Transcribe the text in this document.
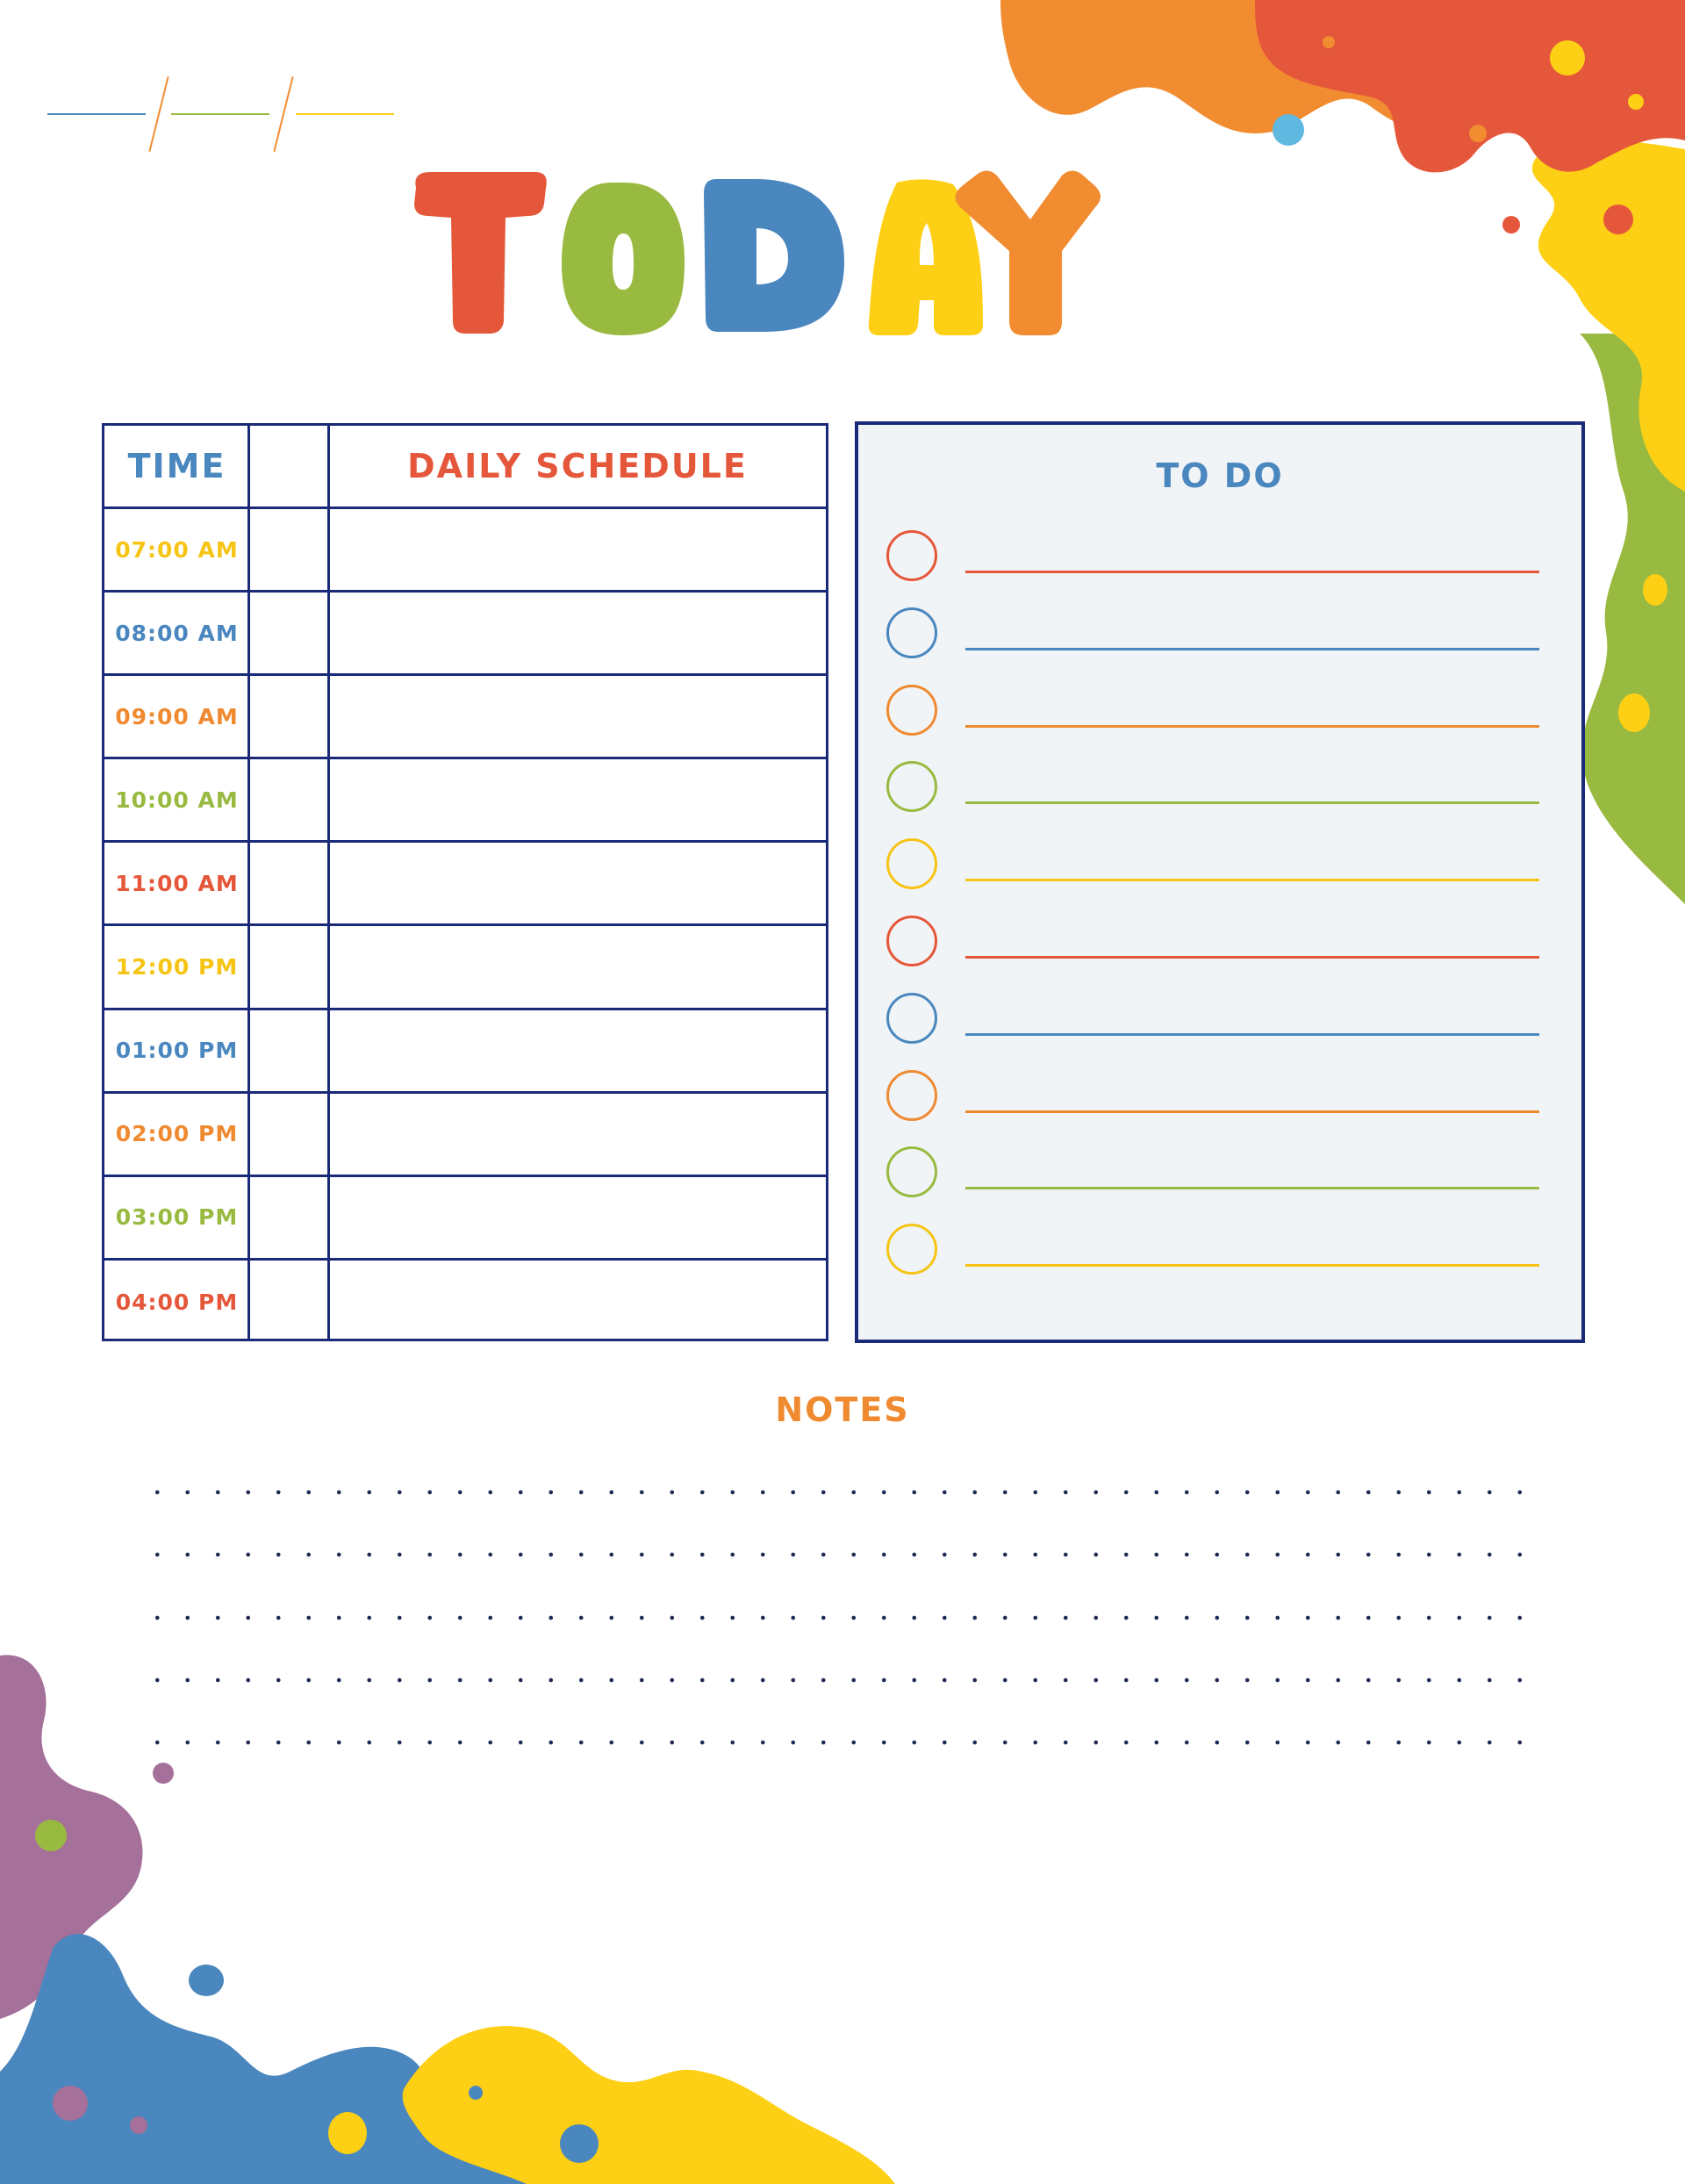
TIME	DAILY SCHEDULE
07:00 AM
08:00 AM
09:00 AM
10:00 AM
11:00 AM
12:00 PM
01:00 PM
02:00 PM
03:00 PM
04:00 PM
TO DO
NOTES
